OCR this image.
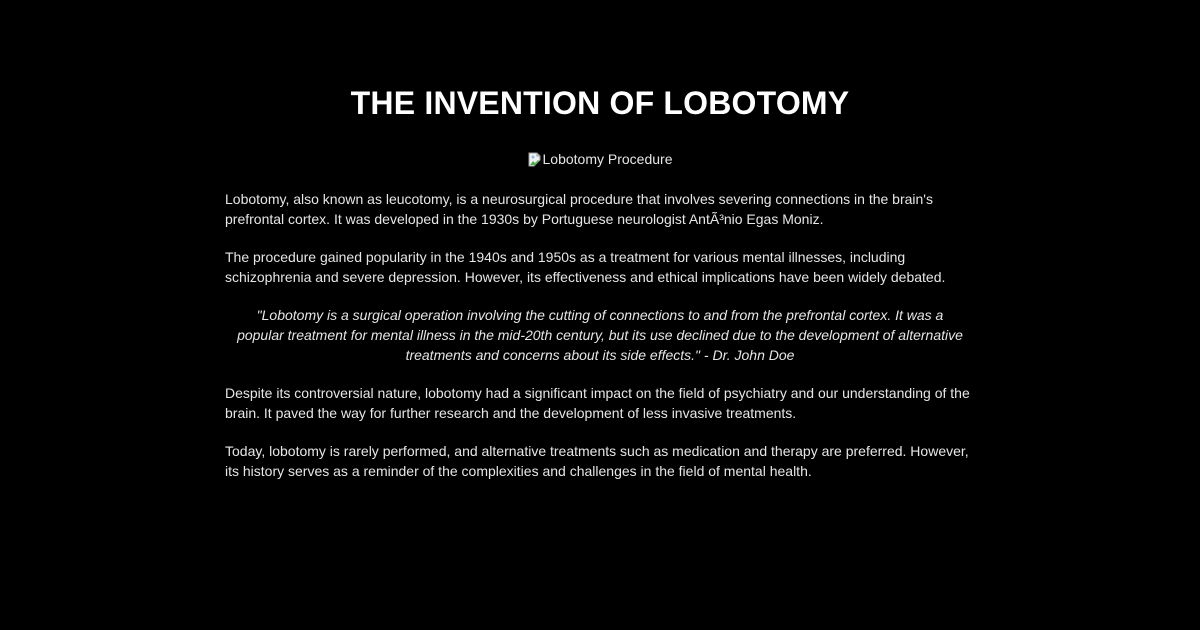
THE INVENTION OF LOBOTOMY
Lobotomy Procedure

Lobotomy, also known as leucotomy, is a neurosurgical procedure that involves severing connections in the brain's prefrontal cortex. It was developed in the 1930s by Portuguese neurologist AntÃ³nio Egas Moniz.

The procedure gained popularity in the 1940s and 1950s as a treatment for various mental illnesses, including schizophrenia and severe depression. However, its effectiveness and ethical implications have been widely debated.

"Lobotomy is a surgical operation involving the cutting of connections to and from the prefrontal cortex. It was a popular treatment for mental illness in the mid-20th century, but its use declined due to the development of alternative treatments and concerns about its side effects." - Dr. John Doe

Despite its controversial nature, lobotomy had a significant impact on the field of psychiatry and our understanding of the brain. It paved the way for further research and the development of less invasive treatments.

Today, lobotomy is rarely performed, and alternative treatments such as medication and therapy are preferred. However, its history serves as a reminder of the complexities and challenges in the field of mental health.
